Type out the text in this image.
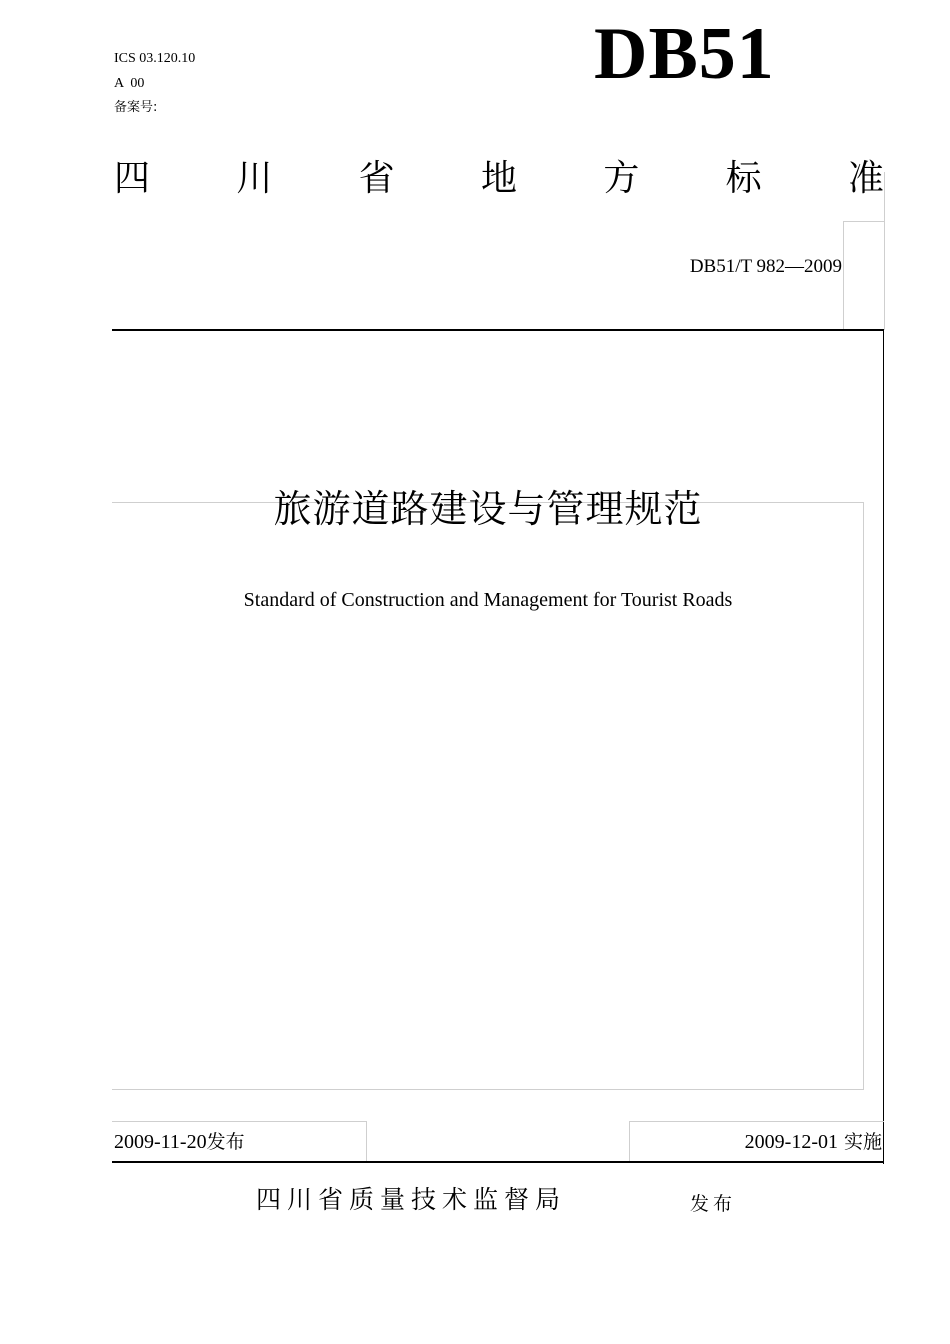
ICS 03.120.10
A  00
备案号:
DB51
四 川 省 地 方 标 准
DB51/T 982—2009
旅游道路建设与管理规范
Standard of Construction and Management for Tourist Roads
2009-11-20发布	2009-12-01 实施
四川省质量技术监督局	发布
